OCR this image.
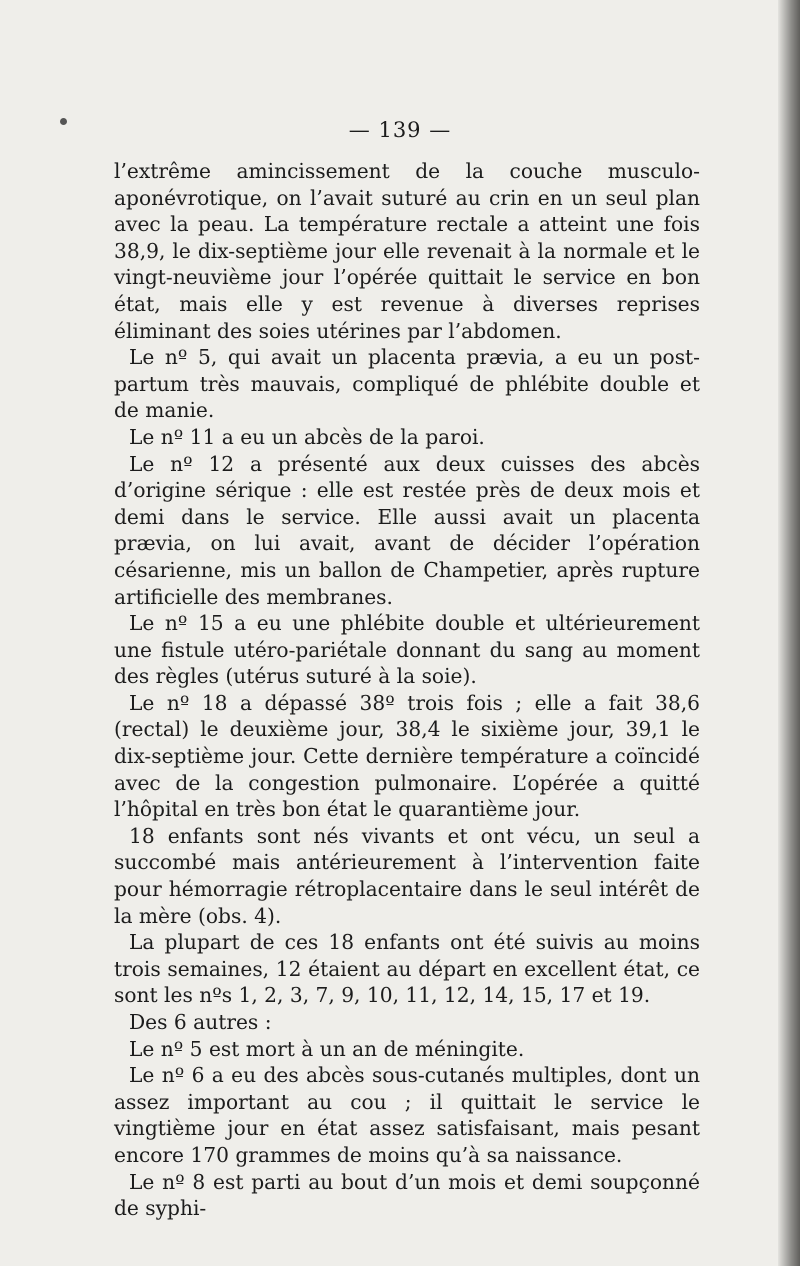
— 139 —

l’extrême amincissement de la couche musculo-aponévrotique, on l’avait suturé au crin en un seul plan avec la peau. La température rectale a atteint une fois 38,9, le dix-septième jour elle revenait à la normale et le vingt-neuvième jour l’opérée quittait le service en bon état, mais elle y est revenue à diverses reprises éliminant des soies utérines par l’abdomen.

Le nº 5, qui avait un placenta prævia, a eu un post-partum très mauvais, compliqué de phlébite double et de manie.

Le nº 11 a eu un abcès de la paroi.

Le nº 12 a présenté aux deux cuisses des abcès d’origine sérique : elle est restée près de deux mois et demi dans le service. Elle aussi avait un placenta prævia, on lui avait, avant de décider l’opération césarienne, mis un ballon de Champetier, après rupture artificielle des membranes.

Le nº 15 a eu une phlébite double et ultérieurement une fistule utéro-pariétale donnant du sang au moment des règles (utérus suturé à la soie).

Le nº 18 a dépassé 38º trois fois ; elle a fait 38,6 (rectal) le deuxième jour, 38,4 le sixième jour, 39,1 le dix-septième jour. Cette dernière température a coïncidé avec de la congestion pulmonaire. L’opérée a quitté l’hôpital en très bon état le quarantième jour.

18 enfants sont nés vivants et ont vécu, un seul a succombé mais antérieurement à l’intervention faite pour hémorragie rétroplacentaire dans le seul intérêt de la mère (obs. 4).

La plupart de ces 18 enfants ont été suivis au moins trois semaines, 12 étaient au départ en excellent état, ce sont les nºs 1, 2, 3, 7, 9, 10, 11, 12, 14, 15, 17 et 19.

Des 6 autres :

Le nº 5 est mort à un an de méningite.

Le nº 6 a eu des abcès sous-cutanés multiples, dont un assez important au cou ; il quittait le service le vingtième jour en état assez satisfaisant, mais pesant encore 170 grammes de moins qu’à sa naissance.

Le nº 8 est parti au bout d’un mois et demi soupçonné de syphi-
